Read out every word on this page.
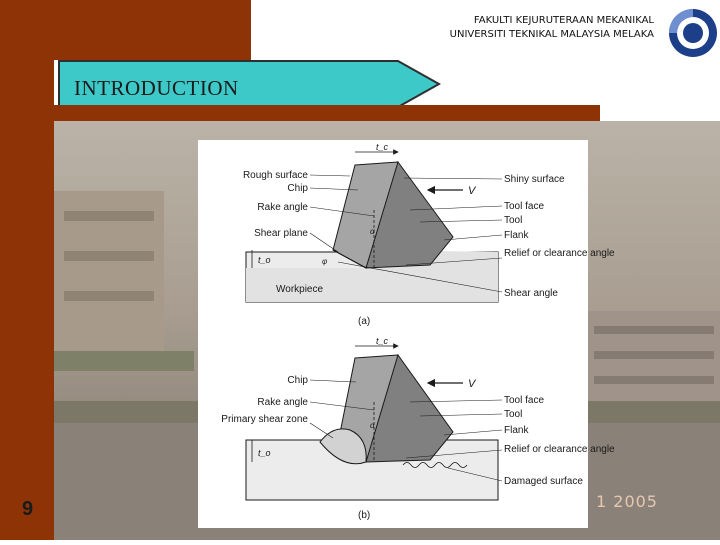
FAKULTI KEJURUTERAAN MEKANIKAL
UNIVERSITI TEKNIKAL MALAYSIA MELAKA
INTRODUCTION
1 2005
t_c
t_o
V
α
φ
Workpiece
Rough surface
Chip
Rake angle
Shear plane
Shiny surface
Tool face
Tool
Flank
Relief or clearance angle
Shear angle
(a)
t_c
t_o
V
α
Chip
Rake angle
Primary shear zone
Tool face
Tool
Flank
Relief or clearance angle
Damaged surface
(b)
9
